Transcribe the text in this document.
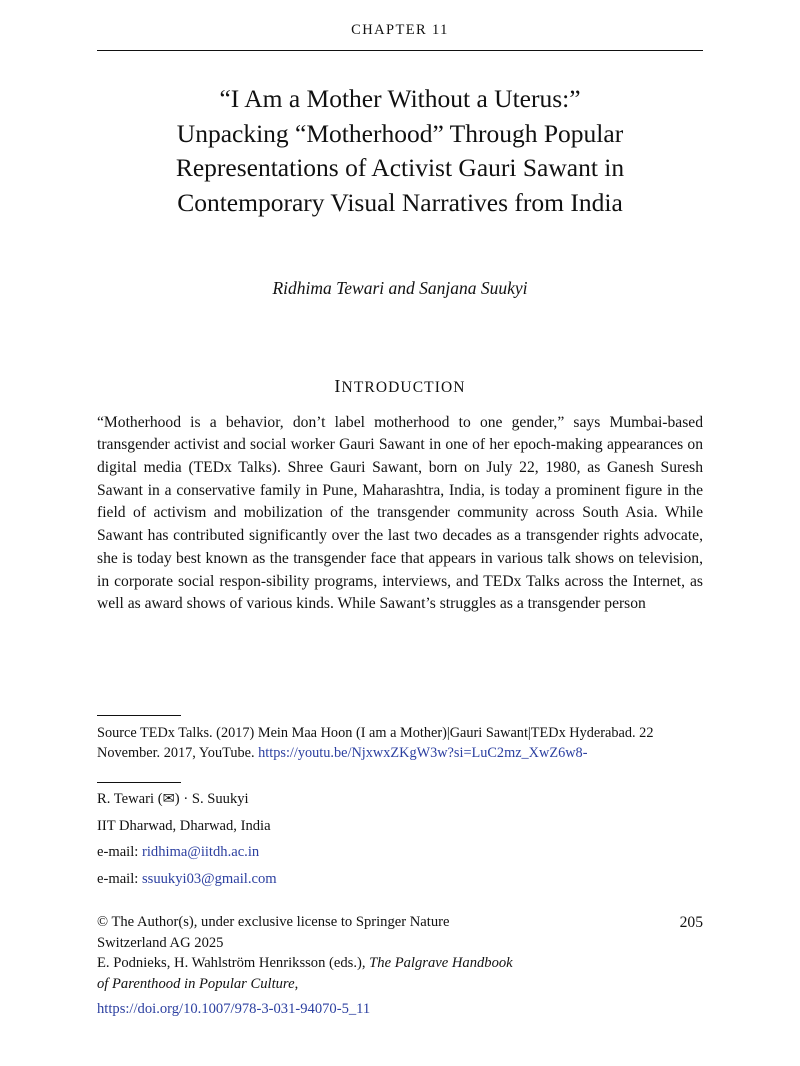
CHAPTER 11
“I Am a Mother Without a Uterus:”
Unpacking “Motherhood” Through Popular
Representations of Activist Gauri Sawant in
Contemporary Visual Narratives from India
Ridhima Tewari and Sanjana Suukyi
INTRODUCTION

“Motherhood is a behavior, don’t label motherhood to one gender,” says Mumbai-based transgender activist and social worker Gauri Sawant in one of her epoch-making appearances on digital media (TEDx Talks). Shree Gauri Sawant, born on July 22, 1980, as Ganesh Suresh Sawant in a conservative family in Pune, Maharashtra, India, is today a prominent figure in the field of activism and mobilization of the transgender community across South Asia. While Sawant has contributed significantly over the last two decades as a transgender rights advocate, she is today best known as the transgender face that appears in various talk shows on television, in corporate social respon-sibility programs, interviews, and TEDx Talks across the Internet, as well as award shows of various kinds. While Sawant’s struggles as a transgender person

Source TEDx Talks. (2017) Mein Maa Hoon (I am a Mother)|Gauri Sawant|TEDx Hyderabad. 22 November. 2017, YouTube. https://youtu.be/NjxwxZKgW3w?si=LuC2mz_XwZ6w8-
R. Tewari (✉) · S. Suukyi
IIT Dharwad, Dharwad, India
e-mail: ridhima@iitdh.ac.in
e-mail: ssuukyi03@gmail.com
© The Author(s), under exclusive license to Springer Nature	205
Switzerland AG 2025
E. Podnieks, H. Wahlström Henriksson (eds.), The Palgrave Handbook
of Parenthood in Popular Culture,
https://doi.org/10.1007/978-3-031-94070-5_11
